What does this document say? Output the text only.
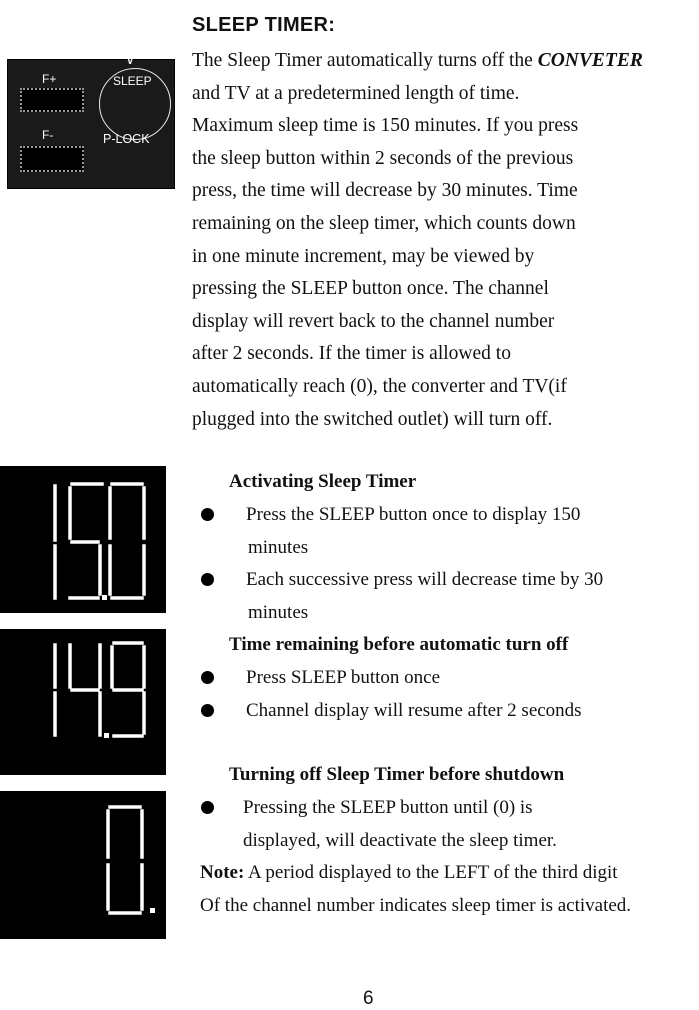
SLEEP TIMER:
The Sleep Timer automatically turns off the CONVETER
and TV at a predetermined length of time.
Maximum sleep time is 150 minutes. If you press
the sleep button within 2 seconds of the previous
press, the time will decrease by 30 minutes. Time
remaining on the sleep timer, which counts down
in one minute increment, may be viewed by
pressing the SLEEP button once. The channel
display will revert back to the channel number
after 2 seconds. If the timer is allowed to
automatically reach (0), the converter and TV(if
plugged into the switched outlet) will turn off.
F+
F-
∨
SLEEP
P-LOCK
Activating Sleep Timer
Press the SLEEP button once to display 150
minutes
Each successive press will decrease time by 30
minutes
Time remaining before automatic turn off
Press SLEEP button once
Channel display will resume after 2 seconds
Turning off Sleep Timer before shutdown
Pressing the SLEEP button until (0) is
displayed, will deactivate the sleep timer.
Note: A period displayed to the LEFT of the third digit
Of the channel number indicates sleep timer is activated.
6
